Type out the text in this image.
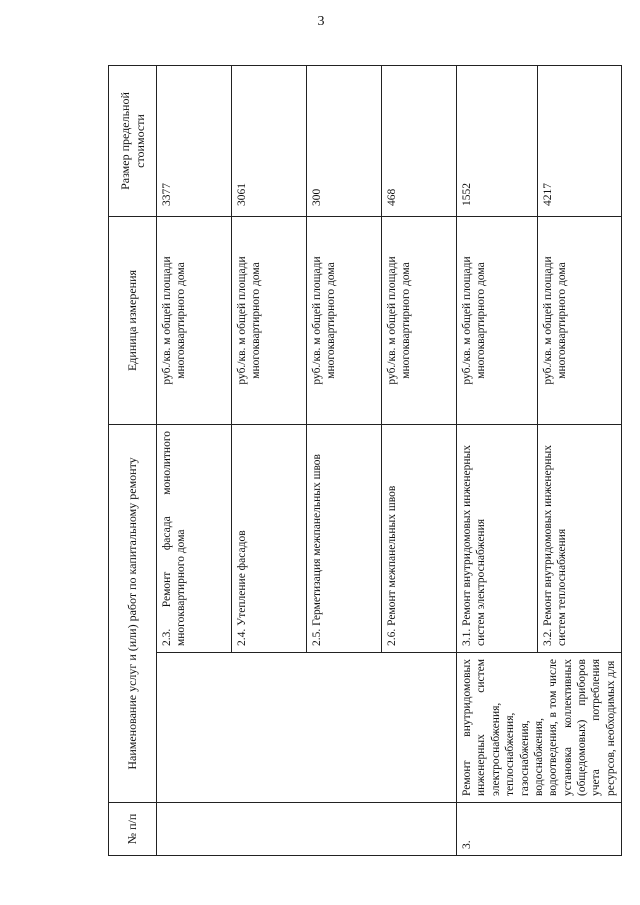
3
№ п/п	Наименование услуг и (или) работ по капитальному ремонту		Единица измерения	Размер предельной стоимости
		2.3. Ремонт фасада монолитного многоквартирного дома	руб./кв. м общей площади многоквартирного дома	3377
		2.4. Утепление фасадов	руб./кв. м общей площади многоквартирного дома	3061
		2.5. Герметизация межпанельных швов	руб./кв. м общей площади многоквартирного дома	300
		2.6. Ремонт межпанельных швов	руб./кв. м общей площади многоквартирного дома	468
3.	Ремонт внутридомовых инженерных систем электроснабжения, теплоснабжения, газоснабжения, водоснабжения, водоотведения, в том числе установка коллективных (общедомовых) приборов учета потребления ресурсов, необходимых для	3.1. Ремонт внутридомовых инженерных систем электроснабжения	руб./кв. м общей площади многоквартирного дома	1552
		3.2. Ремонт внутридомовых инженерных систем теплоснабжения	руб./кв. м общей площади многоквартирного дома	4217
